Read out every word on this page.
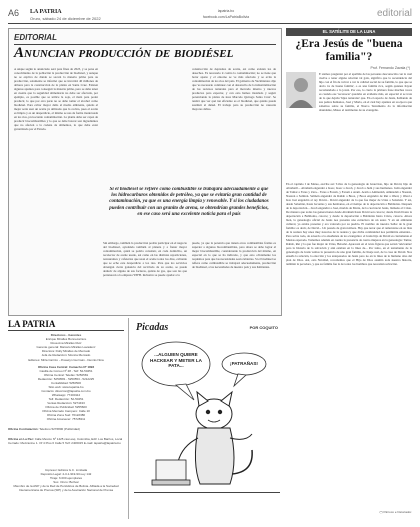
A6 LA PATRIA
Oruro, sábado 24 de diciembre de 2022
lapatria.bo
facebook.com/LaPatriaBolivia	editorial
EDITORIAL
Anuncian producción de biodiésel
A unque según lo anunciado será para fines de 2023, y se pone en conocimiento de la población la producción de biodiésel, y aunque no se explica de dónde se sacará la materia prima para su producción, solamente se informó que se invertirá 40 millones de dólares para la construcción de la planta en Santa Cruz. Existen algunos apuntes para conseguir la materia prima, pero se debe tener en cuenta que la seguridad alimentaria no debe ser afectada, por ejemplo, es posible que se utilice la soja, el maíz para poder producir, lo que por otra parte no se debe tomar el alcohol como biodiésel. Para evitar mayor daño al medio ambiente, quizás el mejor sería usar un aceite ya utilizado que la cocina, pues el aceite es limpio y es un desperdicio, el mismo se usa de forma inadecuada en los ríos, provocando contaminación. La planta debe ser capaz de producir biocombustibles y lo que se debe buscar son ingredientes que no afecten a la cadena de alimentos, lo que debe estar garantizado por el Estado.
Sin embargo, también la producción podría participar en el negocio del biodiésel, ayudando también al planeta y a frenar mayor contaminación, quizá se podría construir, en cada domicilio, un recolector de aceite usado, así como en las distintas reparticiones, restaurantes y cafeterías que usan el aceite todos los días, evitando que se eche este desperdicio a los ríos. Para que los servicios obtengan cierta ganancia del reciclado de su aceite, se puede deducir de alguna de sus facturas, quizás de gas, que son las que pertenecen a la empresa YPFB. Inclusive se puede ayudar a la
construcción de depósitos de aceite, así como existen los de desechos. Es necesario ir contra la contaminación; no se tiene que botar aparte y el entorno se ve más afectado y se evita la contaminación de los ríos del país. El gobierno de Yacimientos dijo que 'es necesario continuar con el desarrollo de la industrialización de los recursos naturales para el mercado interno y nuevos productos para exportar, y con esto hemos instalado y seguir potenciando la planta de úrea Marcelo Quiroga Santa Cruz'. Se tendrá que ver qué tan eficiente es el biodiésel, que quizás pueda sustituir al diésel. El trabajo para su producción no causaría mayores daños.
puede, ya que la potencia que tienen otros combustibles fósiles es superior a algunos biocombustibles, pero ahora se debe lograr al mejor biocombustible, considerando la producción del mismo, en especial en lo que se ha indicado, y que esto obviamente los requisitos para que las necesidades sean cubiertas. Si el biodiésel se refiere como combustible se trabajará adecuadamente, producción de biodiésel, a las necesidades de nuestro país y sus habitantes.
Si el biodiésel se refiere como combustible se trabajará adecuadamente a que los hidrocarburos obtenidos de petróleo, ya que se evitaría gran cantidad de contaminación, ya que es una energía limpia y renovable. Y si los ciudadanos pueden contribuir con un granito de arena, se obtendrían grandes beneficios, en ese caso será una excelente noticia para el país
LA PATRIA
Directores - Gerentes
Enrique Miralles Bonnecarrère
Rosa Ana Miralles Ruiz
Gerente general: Marcelo Miralles Lavadenz
Directora: Dolly Miralles de Mercado
Jefa de Redacción: Monica Mercado
Editores: Mirla Carrizo - Jhoselyn Guzmán - Dennis Nina
Oficina Casa Central: Camacho Nº 1892
Casilla de Correo Nº 48 - Telf: 52-50451
Oficina Central: Telefax: 5250581
Redacción: 5250581 - 5250553 - 5212225
Contabilidad: 5250500
Sitio web: www.lapatria.bo
Contacto: direccion@lapatria.com.bo
Whatsapp: 77400112
Telf. Redacción: 52-50451
Ventas Redacción: 5274433
Oficina de Publicidad: 5255600
Oficina Mercado Campero: Calle 10
Oficina Zona Sud: 76122380
Oficina Amanecer: 75728311
Oficina Contratación: Telefono 5276800 (Publicidad)
Oficina en La Paz: Calle Mexico Nº 1425 casi esq. Colombia, Edif. Los Barrios, Local Cerrado: Mezzanine 1. Of 4 Piso 6 Calle 5 Telf: 2406015 E-mail: lapatria@lapatria.bo
Impresor: Editora G.C. Limitada
Depósito Legal: 4-3-1-919-93-Ley 142
Tiraje: 6.000 ejemplares
Suc. Oruro: Bolívar
Miembro de la ANP y de la Red de Periódicos de Bolivia. Afiliada a la Sociedad Interamericana de Prensa (SIP) y de la Asociación Nacional de Prensa
Picadas	POR COQUITO
...ALGUIEN QUIERE HACKEAR Y METER LA PATA...	¡PATRAÑAS!
EL SATÉLITE DE LA LUNA
¿Era Jesús de "buena familia"?
Prof. Fernando Zavala (*)
E stamos preguntar por el apellido de las personas desconocida con la cual vuelve a tener alguna relación tal gala, significa que la ascendencia del hijo con el fin de volver a ver la calidad social de su familia, lo que que se decía 'es de buena familia', o es una familia rica, según quienes hayan recomendado a la joven. Por eso, lo cierto la primera frase muchas veces es cuando ese 'reconocer' quedaba en evidente más, en especial si se trata de lo que dejaba 'hijos naturales' que. En el espacio de Jesús, hablando de sus padres humanos, José y María, en el cual hay apuntes en su época que sabemos sobre su familia, el Nuevo Testamento da la información abundante, Mateo el testimonio de su evangelio.
En el capítulo I de Mateo, escribe así: 'Libro de la genealogía de Jesucristo, hijo de David, hijo de Abraham'... Abraham engendró a Isaac, Isaac a Jacob, y Jacob a Judá y sus hermanos. Judá engendró de Tamar a Fares y Zara... Fares a Esrom, y Esrom a Aram. Aram a Aminadab, Aminadab a Naasón, Naasón a Salmón. Salmón engendró de Rahab a Booz, y Booz engendró de Rut a Obed, y Obed a Isaí. Isaí engendró al rey David... David engendró de la que fue mujer de Urías a Salomón. Y así, desde Salomón, hasta Jeconías y sus hermanos, en el tiempo de la deportación a Babilonia. Después de la deportación... Jacob engendró a José, marido de María, de la cual nació Jesús, llamado el Cristo. De manera que todas las generaciones desde Abraham hasta David son catorce; desde David hasta la deportación a Babilonia, catorce; y desde la deportación a Babilonia hasta Cristo, catorce. Ahora bien, la genealogía oficial de Jesús nos presenta una estructura de un autor. Y en un ambiente cultural, ya estaba presente y era valorada por su pueblo. El nombre de nuestro Señor de la gran familia: es decir, de David... Un pasado de gran nobleza. Hay que notar que al remontarse en su lista de la realeza hay unos muy notorios de la realeza y que dicha continuidad nos permitiría entender... Pero sobre todo, de acuerdo a la enseñanza de los evangelios: el Jesús hijo de David es ciertamente el Mesías esperado. Tomemos además en cuenta la presencia de cuatro mujeres en la genealogía: Tamar, Rahab, Rut y la que fue mujer de Urías, Betsabé. Aparecen en el texto figuras que serían 'relevantes' para la historia de la salvación y aún estaban en la línea de... Por tanto, en el testamento de la genealogía de Jesús vemos la presencia de una gran familia, de linaje real, de la casa de David. Nos enseña la relación, la elección y los antepasados de Jesús pero no en la línea de lo humano sino del plan de Dios. Así, esta Navidad, recordemos que el Hijo de Dios asumió toda nuestra historia, también la pecadora, y que su familia fue la de todos los hombres que necesitan salvación.
(*) Párroco e historiador.
